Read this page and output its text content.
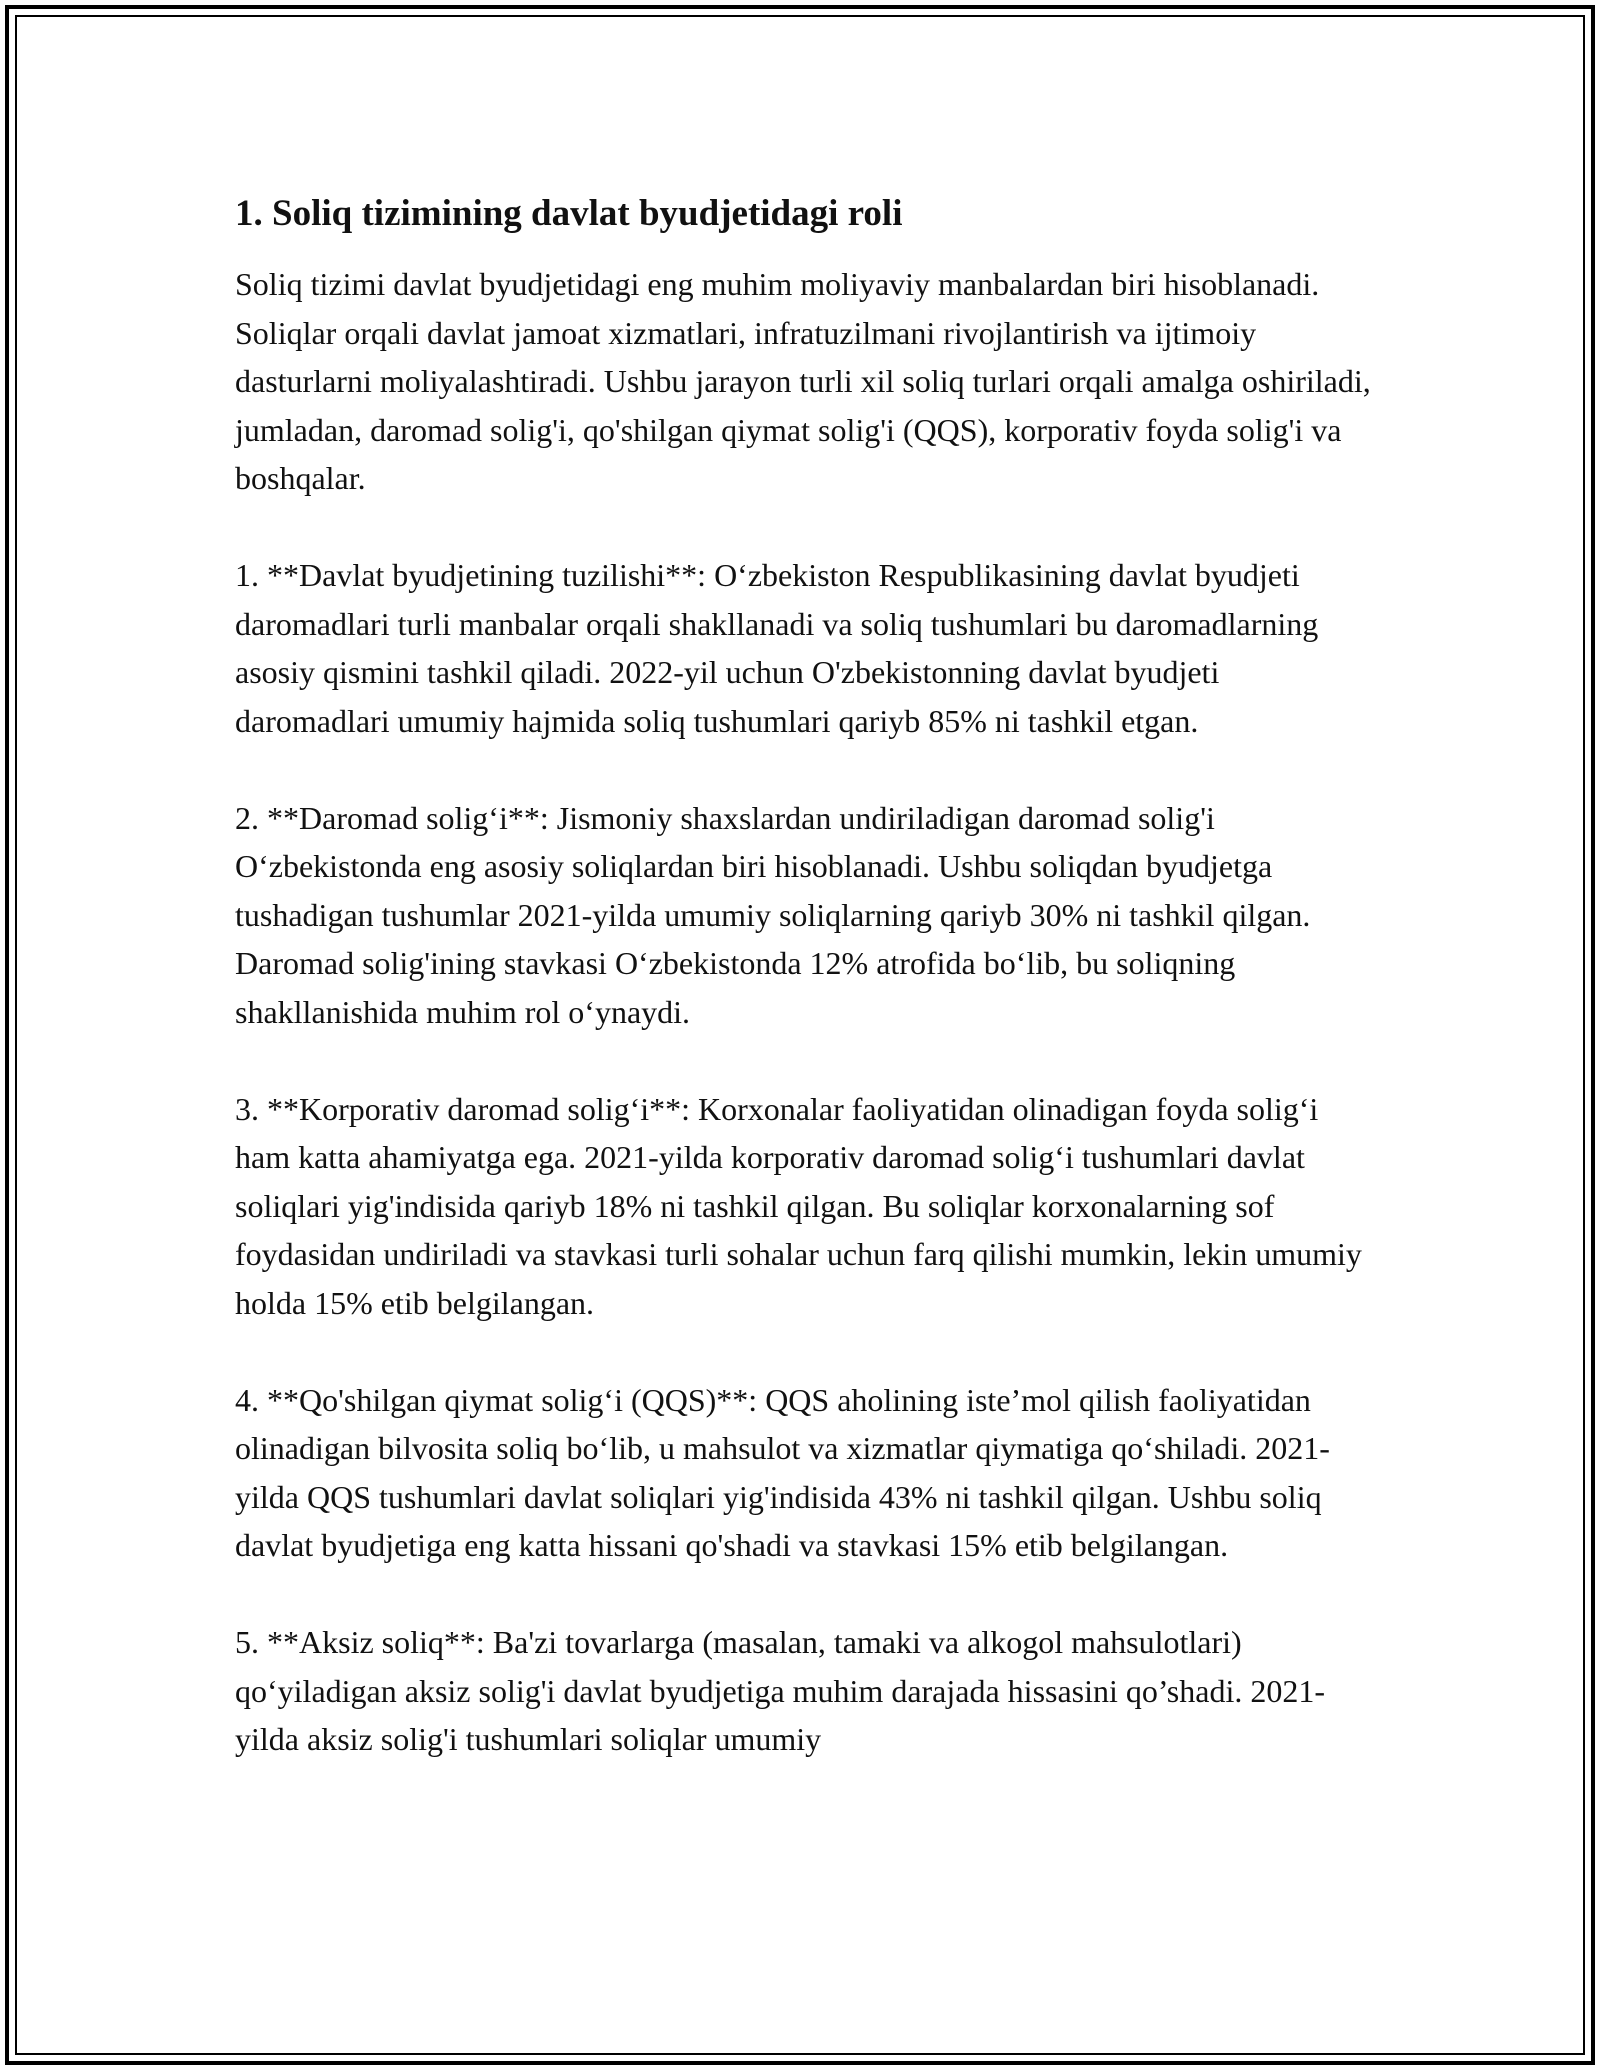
1. Soliq tizimining davlat byudjetidagi roli

Soliq tizimi davlat byudjetidagi eng muhim moliyaviy manbalardan biri hisoblanadi. Soliqlar orqali davlat jamoat xizmatlari, infratuzilmani rivojlantirish va ijtimoiy dasturlarni moliyalashtiradi. Ushbu jarayon turli xil soliq turlari orqali amalga oshiriladi, jumladan, daromad solig'i, qo'shilgan qiymat solig'i (QQS), korporativ foyda solig'i va boshqalar.

1. **Davlat byudjetining tuzilishi**: O‘zbekiston Respublikasining davlat byudjeti daromadlari turli manbalar orqali shakllanadi va soliq tushumlari bu daromadlarning asosiy qismini tashkil qiladi. 2022-yil uchun O'zbekistonning davlat byudjeti daromadlari umumiy hajmida soliq tushumlari qariyb 85% ni tashkil etgan.

2. **Daromad solig‘i**: Jismoniy shaxslardan undiriladigan daromad solig'i O‘zbekistonda eng asosiy soliqlardan biri hisoblanadi. Ushbu soliqdan byudjetga tushadigan tushumlar 2021-yilda umumiy soliqlarning qariyb 30% ni tashkil qilgan. Daromad solig'ining stavkasi O‘zbekistonda 12% atrofida bo‘lib, bu soliqning shakllanishida muhim rol o‘ynaydi.

3. **Korporativ daromad solig‘i**: Korxonalar faoliyatidan olinadigan foyda solig‘i ham katta ahamiyatga ega. 2021-yilda korporativ daromad solig‘i tushumlari davlat soliqlari yig'indisida qariyb 18% ni tashkil qilgan. Bu soliqlar korxonalarning sof foydasidan undiriladi va stavkasi turli sohalar uchun farq qilishi mumkin, lekin umumiy holda 15% etib belgilangan.

4. **Qo'shilgan qiymat solig‘i (QQS)**: QQS aholining iste’mol qilish faoliyatidan olinadigan bilvosita soliq bo‘lib, u mahsulot va xizmatlar qiymatiga qo‘shiladi. 2021-yilda QQS tushumlari davlat soliqlari yig'indisida 43% ni tashkil qilgan. Ushbu soliq davlat byudjetiga eng katta hissani qo'shadi va stavkasi 15% etib belgilangan.

5. **Aksiz soliq**: Ba'zi tovarlarga (masalan, tamaki va alkogol mahsulotlari) qo‘yiladigan aksiz solig'i davlat byudjetiga muhim darajada hissasini qo’shadi. 2021-yilda aksiz solig'i tushumlari soliqlar umumiy
